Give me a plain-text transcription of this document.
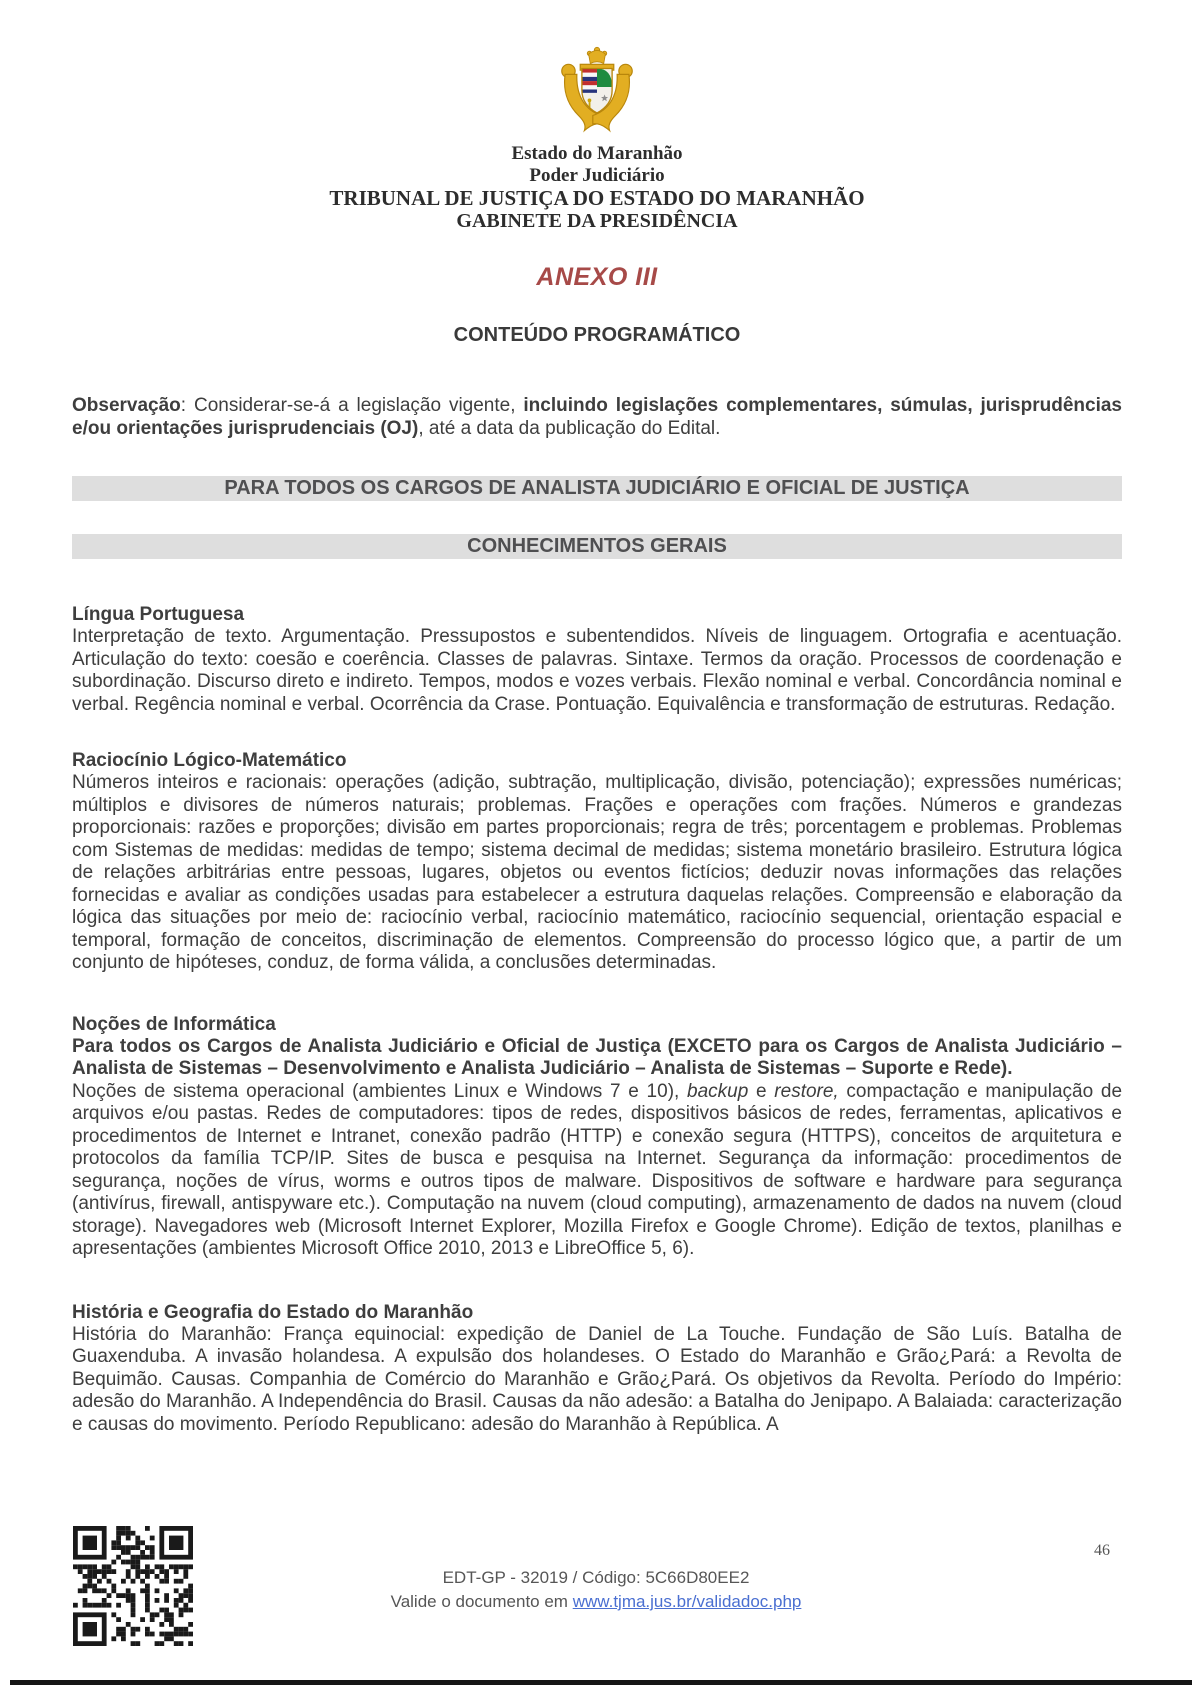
Estado do Maranhão
Poder Judiciário
TRIBUNAL DE JUSTIÇA DO ESTADO DO MARANHÃO
GABINETE DA PRESIDÊNCIA
ANEXO III
CONTEÚDO PROGRAMÁTICO

Observação: Considerar-se-á a legislação vigente, incluindo legislações complementares, súmulas, jurisprudências e/ou orientações jurisprudenciais (OJ), até a data da publicação do Edital.

PARA TODOS OS CARGOS DE ANALISTA JUDICIÁRIO E OFICIAL DE JUSTIÇA
CONHECIMENTOS GERAIS
Língua Portuguesa

Interpretação de texto. Argumentação. Pressupostos e subentendidos. Níveis de linguagem. Ortografia e acentuação. Articulação do texto: coesão e coerência. Classes de palavras. Sintaxe. Termos da oração. Processos de coordenação e subordinação. Discurso direto e indireto. Tempos, modos e vozes verbais. Flexão nominal e verbal. Concordância nominal e verbal. Regência nominal e verbal. Ocorrência da Crase. Pontuação. Equivalência e transformação de estruturas. Redação.

Raciocínio Lógico-Matemático

Números inteiros e racionais: operações (adição, subtração, multiplicação, divisão, potenciação); expressões numéricas; múltiplos e divisores de números naturais; problemas. Frações e operações com frações. Números e grandezas proporcionais: razões e proporções; divisão em partes proporcionais; regra de três; porcentagem e problemas. Problemas com Sistemas de medidas: medidas de tempo; sistema decimal de medidas; sistema monetário brasileiro. Estrutura lógica de relações arbitrárias entre pessoas, lugares, objetos ou eventos fictícios; deduzir novas informações das relações fornecidas e avaliar as condições usadas para estabelecer a estrutura daquelas relações. Compreensão e elaboração da lógica das situações por meio de: raciocínio verbal, raciocínio matemático, raciocínio sequencial, orientação espacial e temporal, formação de conceitos, discriminação de elementos. Compreensão do processo lógico que, a partir de um conjunto de hipóteses, conduz, de forma válida, a conclusões determinadas.

Noções de Informática

Para todos os Cargos de Analista Judiciário e Oficial de Justiça (EXCETO para os Cargos de Analista Judiciário – Analista de Sistemas – Desenvolvimento e Analista Judiciário – Analista de Sistemas – Suporte e Rede).

Noções de sistema operacional (ambientes Linux e Windows 7 e 10), backup e restore, compactação e manipulação de arquivos e/ou pastas. Redes de computadores: tipos de redes, dispositivos básicos de redes, ferramentas, aplicativos e procedimentos de Internet e Intranet, conexão padrão (HTTP) e conexão segura (HTTPS), conceitos de arquitetura e protocolos da família TCP/IP. Sites de busca e pesquisa na Internet. Segurança da informação: procedimentos de segurança, noções de vírus, worms e outros tipos de malware. Dispositivos de software e hardware para segurança (antivírus, firewall, antispyware etc.). Computação na nuvem (cloud computing), armazenamento de dados na nuvem (cloud storage). Navegadores web (Microsoft Internet Explorer, Mozilla Firefox e Google Chrome). Edição de textos, planilhas e apresentações (ambientes Microsoft Office 2010, 2013 e LibreOffice 5, 6).

História e Geografia do Estado do Maranhão

História do Maranhão: França equinocial: expedição de Daniel de La Touche. Fundação de São Luís. Batalha de Guaxenduba. A invasão holandesa. A expulsão dos holandeses. O Estado do Maranhão e Grão¿Pará: a Revolta de Bequimão. Causas. Companhia de Comércio do Maranhão e Grão¿Pará. Os objetivos da Revolta. Período do Império: adesão do Maranhão. A Independência do Brasil. Causas da não adesão: a Batalha do Jenipapo. A Balaiada: caracterização e causas do movimento. Período Republicano: adesão do Maranhão à República. A

EDT-GP - 32019 / Código: 5C66D80EE2
Valide o documento em www.tjma.jus.br/validadoc.php
46
